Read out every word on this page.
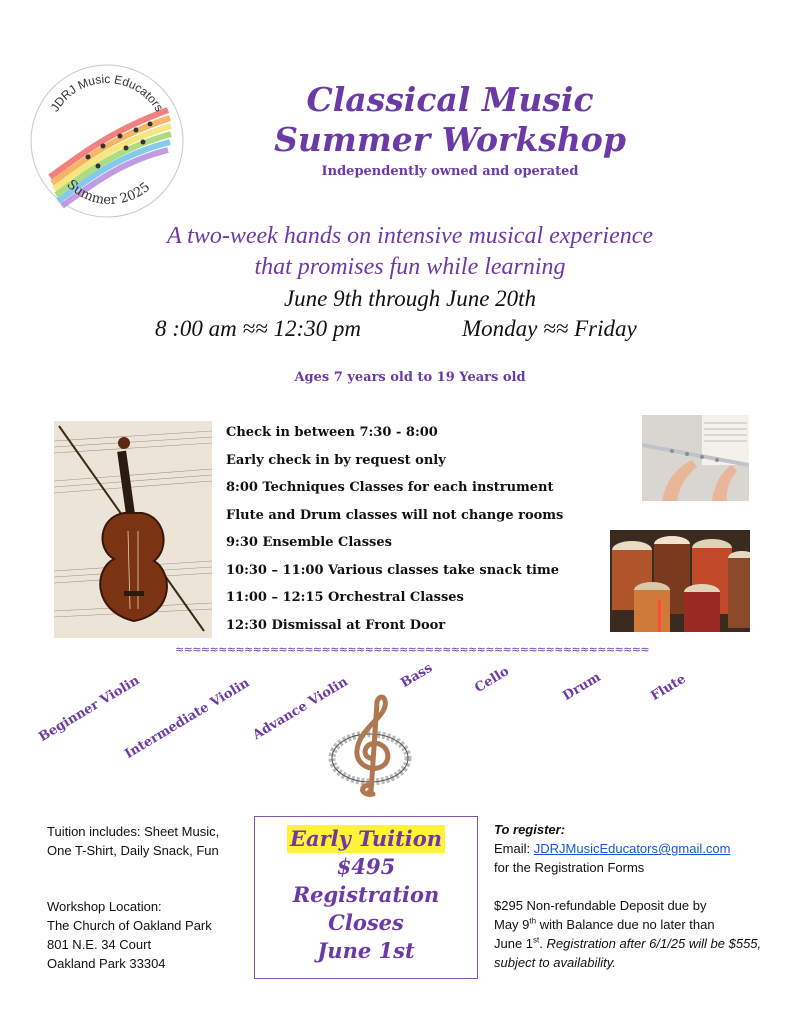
JDRJ Music Educators
Summer 2025
Classical Music
Summer Workshop
Independently owned and operated
A two-week hands on intensive musical experience
that promises fun while learning
June 9th through June 20th
8 :00 am ≈≈ 12:30 pm	Monday ≈≈ Friday
Ages 7 years old to 19 Years old
Check in between 7:30 - 8:00
Early check in by request only
8:00 Techniques Classes for each instrument
Flute and Drum classes will not change rooms
9:30 Ensemble Classes
10:30 – 11:00 Various classes take snack time
11:00 – 12:15 Orchestral Classes
12:30 Dismissal at Front Door
≈≈≈≈≈≈≈≈≈≈≈≈≈≈≈≈≈≈≈≈≈≈≈≈≈≈≈≈≈≈≈≈≈≈≈≈≈≈≈≈≈≈≈≈≈≈≈≈≈≈≈≈≈≈≈
Beginner Violin
Intermediate Violin
Advance Violin	Bass	Cello	Drum	Flute
Tuition includes: Sheet Music,
One T-Shirt, Daily Snack, Fun
Workshop Location:
The Church of Oakland Park
801 N.E. 34 Court
Oakland Park 33304
Early Tuition
$495
Registration
Closes
June 1st
To register:
Email: JDRJMusicEducators@gmail.com
for the Registration Forms
$295 Non-refundable Deposit due by
May 9th with Balance due no later than
June 1st. Registration after 6/1/25 will be $555, subject to availability.
